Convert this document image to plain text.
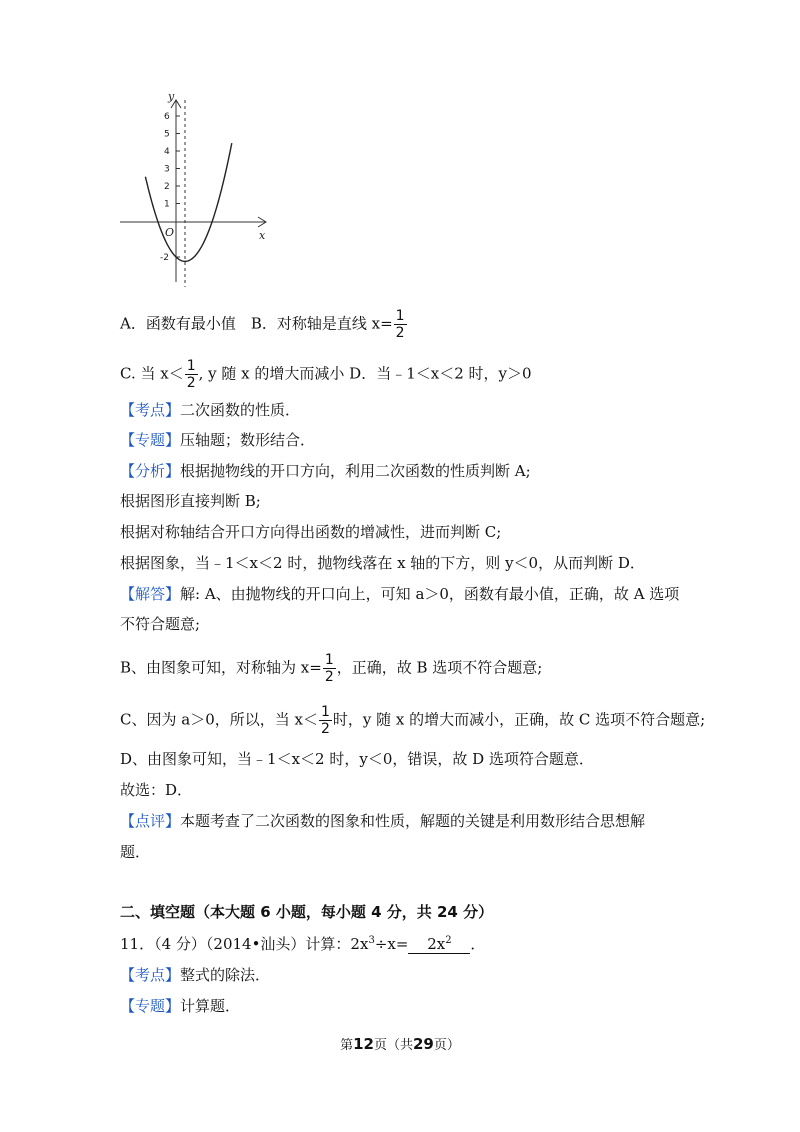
6
5
4
3
2
1
-2
y
x
O
A．函数有最小值　B．对称轴是直线 $x= \frac{1}{2}$
C. 当 $x< \frac{1}{2}$ , y 随 x 的增大而减小 D．当﹣1＜x＜2 时，y＞0
【考点】二次函数的性质．
【专题】压轴题；数形结合．
【分析】根据抛物线的开口方向，利用二次函数的性质判断 A;
根据图形直接判断 B;
根据对称轴结合开口方向得出函数的增减性，进而判断 C;
根据图象，当﹣1＜x＜2 时，抛物线落在 x 轴的下方，则 y＜0，从而判断 D．
【解答】解: A、由抛物线的开口向上，可知 a＞0，函数有最小值，正确，故 A 选项
不符合题意;
B、由图象可知，对称轴为 $x= \frac{1}{2}$ ，正确，故 B 选项不符合题意;
C、因为 a＞0，所以，当 $x< \frac{1}{2}$ 时，y 随 x 的增大而减小，正确，故 C 选项不符合题意;
D、由图象可知，当﹣1＜x＜2 时，y＜0，错误，故 D 选项符合题意．
故选：D．
【点评】本题考查了二次函数的图象和性质，解题的关键是利用数形结合思想解
题．
二、填空题（本大题 6 小题，每小题 4 分，共 24 分）
11．（4 分）（2014•汕头）计算：$2x^3\div x= 2x^2$ ．
【考点】整式的除法．
【专题】计算题．
第12页（共29页）
